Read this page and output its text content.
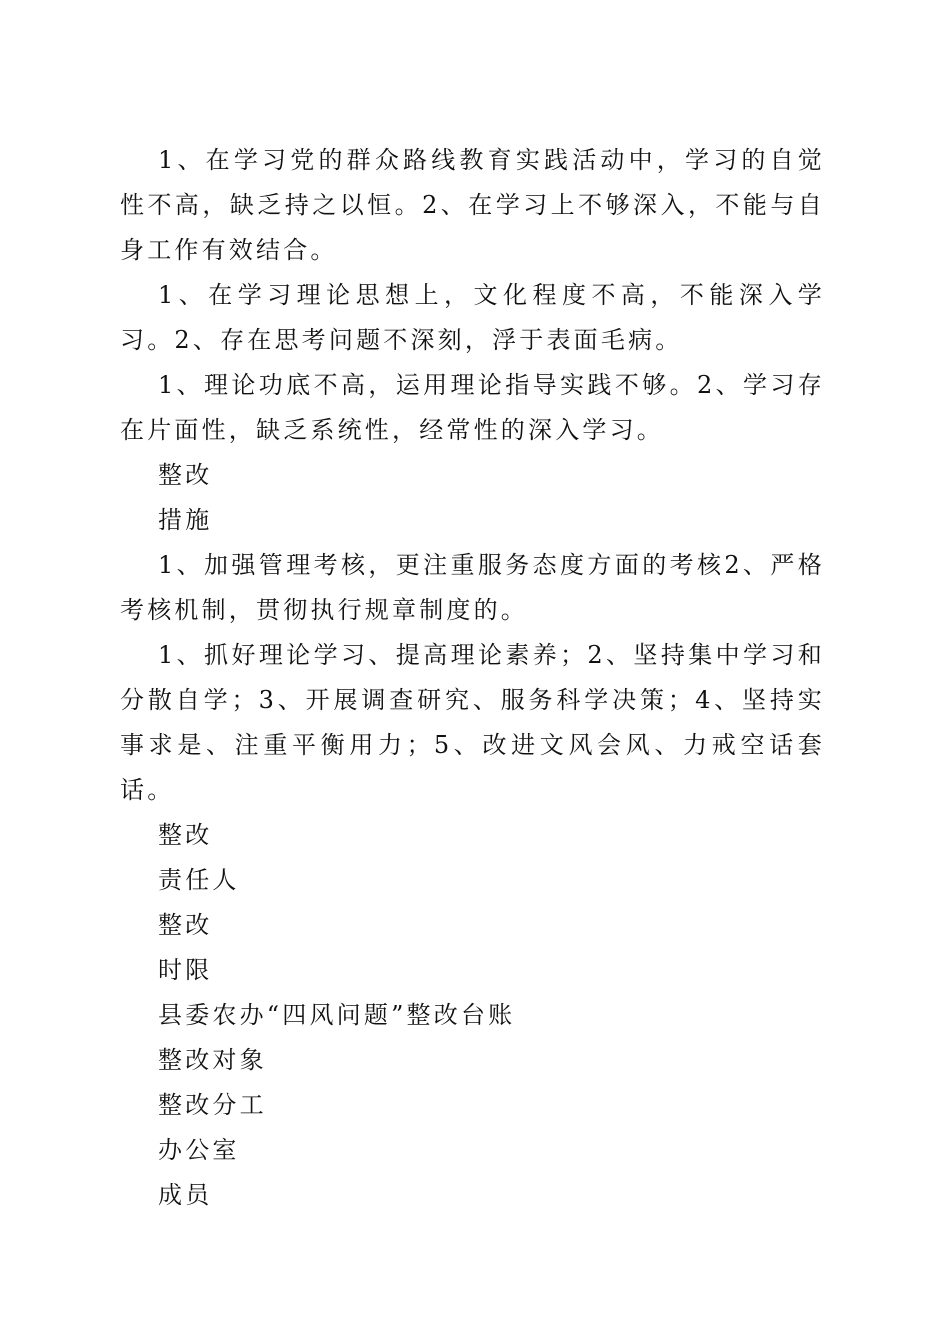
1、在学习党的群众路线教育实践活动中，学习的自觉性不高，缺乏持之以恒。2、在学习上不够深入，不能与自身工作有效结合。

1、在学习理论思想上，文化程度不高，不能深入学习。2、存在思考问题不深刻，浮于表面毛病。

1、理论功底不高，运用理论指导实践不够。2、学习存在片面性，缺乏系统性，经常性的深入学习。

整改

措施

1、加强管理考核，更注重服务态度方面的考核2、严格考核机制，贯彻执行规章制度的。

1、抓好理论学习、提高理论素养；2、坚持集中学习和分散自学；3、开展调查研究、服务科学决策；4、坚持实事求是、注重平衡用力；5、改进文风会风、力戒空话套话。

整改

责任人

整改

时限

县委农办“四风问题”整改台账

整改对象

整改分工

办公室

成员
